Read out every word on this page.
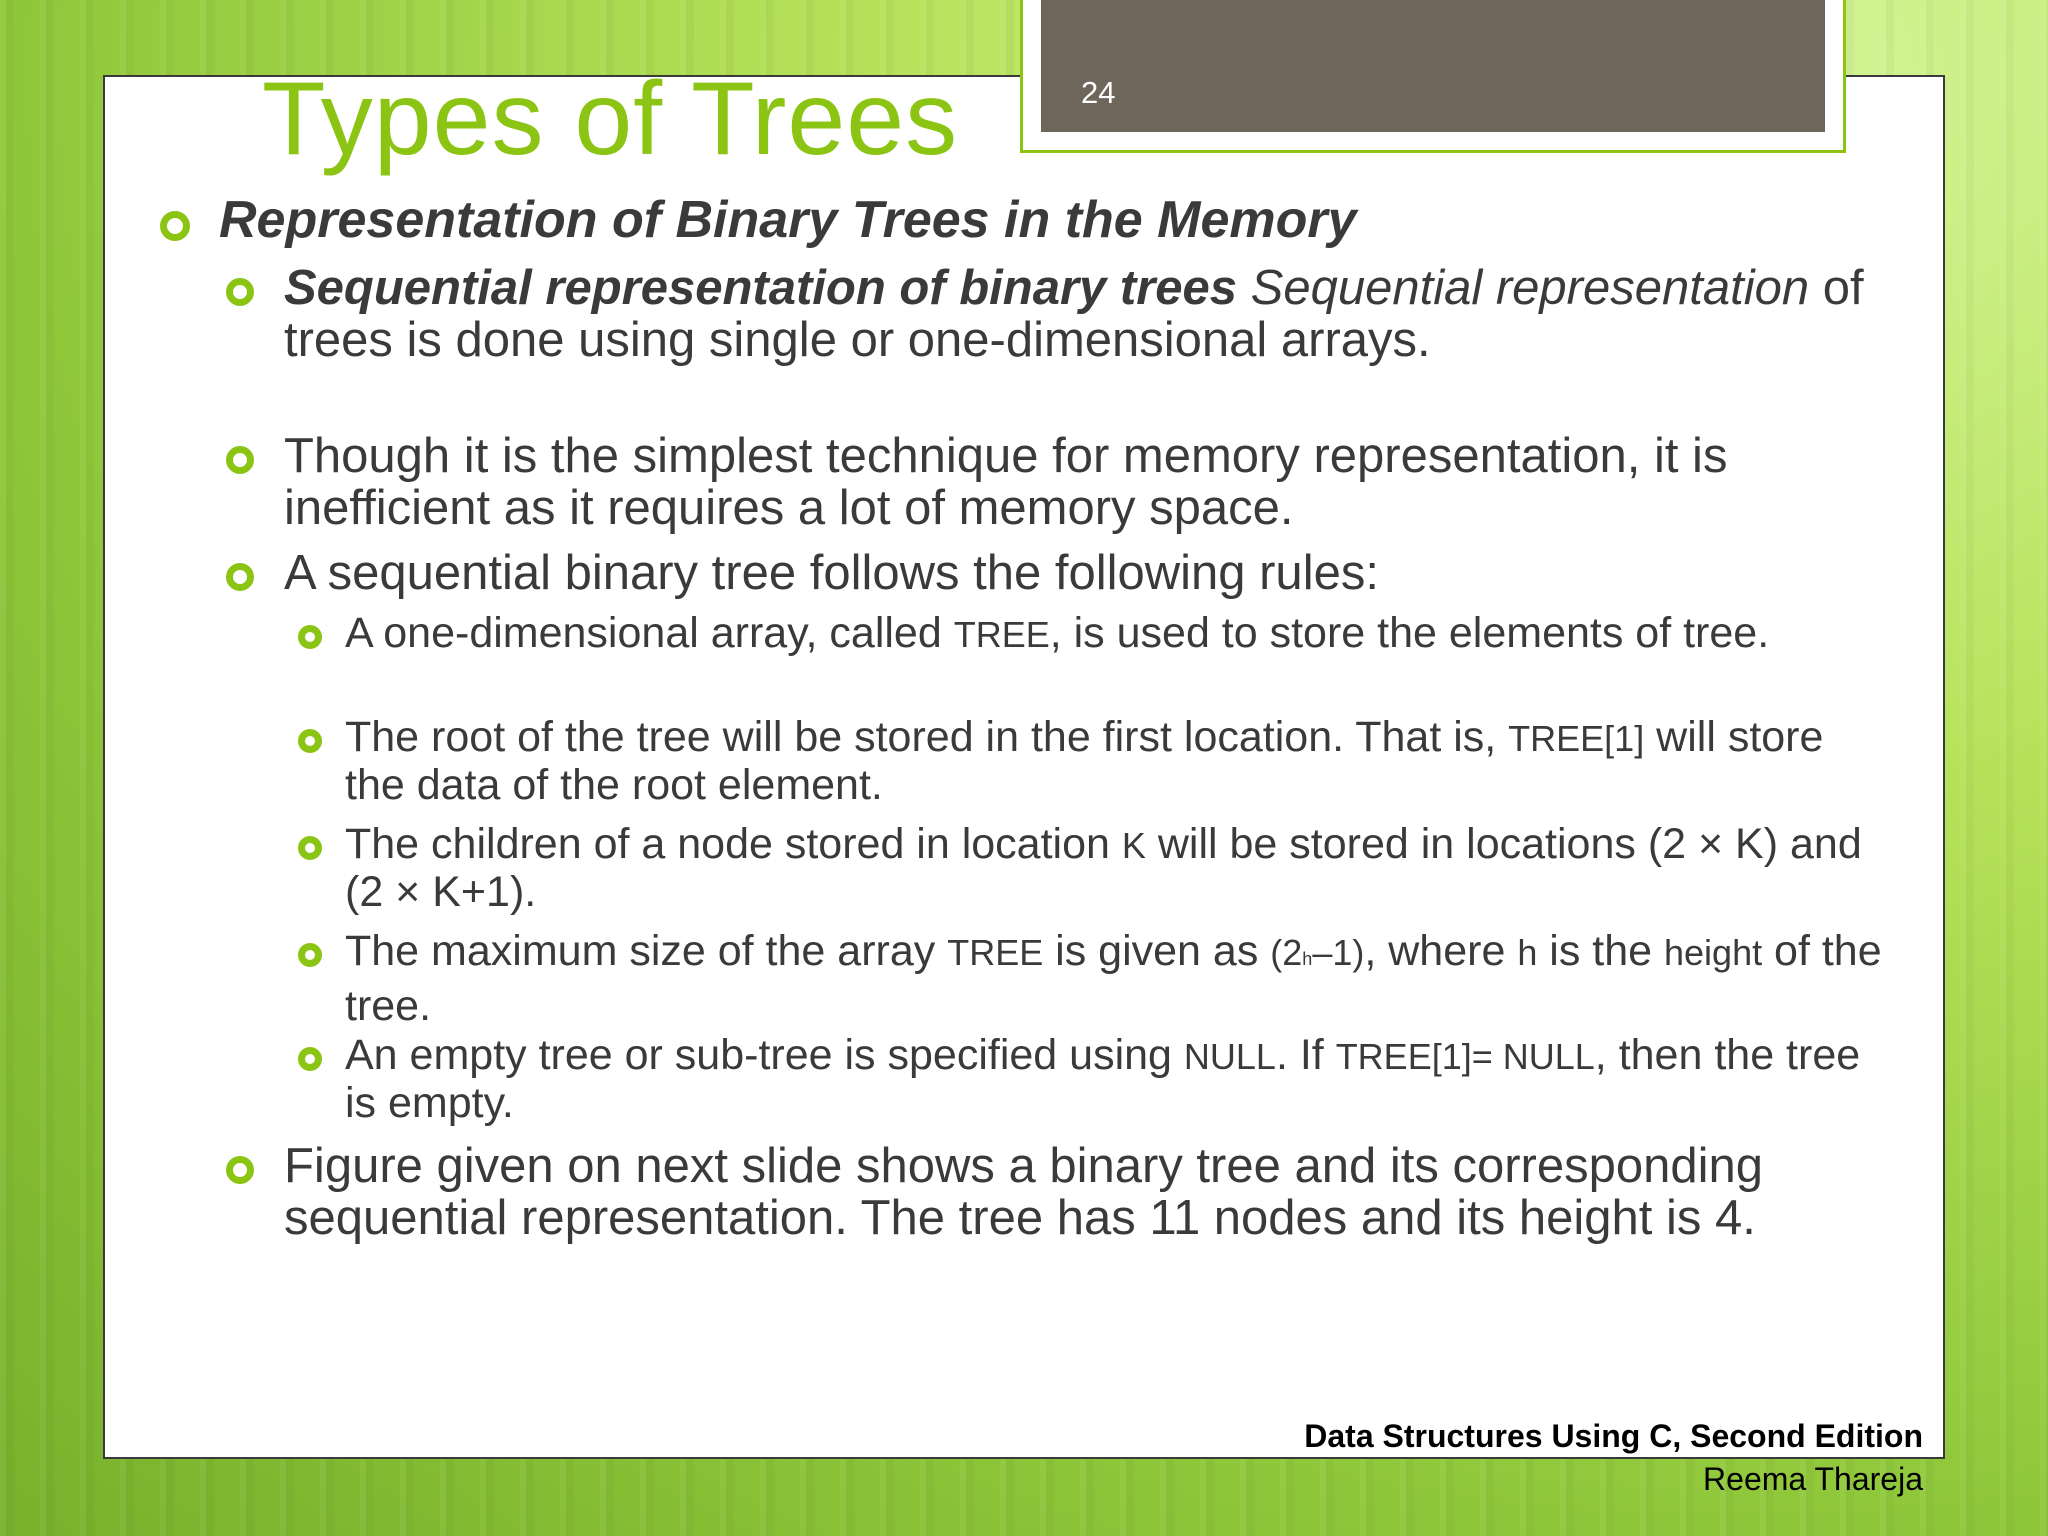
Types of Trees	24

Representation of Binary Trees in the Memory

Sequential representation of binary trees Sequential representation of trees is done using single or one-dimensional arrays.

Though it is the simplest technique for memory representation, it is inefficient as it requires a lot of memory space.

A sequential binary tree follows the following rules:

A one-dimensional array, called TREE, is used to store the elements of tree.

The root of the tree will be stored in the first location. That is, TREE[1] will store the data of the root element.

The children of a node stored in location K will be stored in locations (2 × K) and (2 × K+1).

The maximum size of the array TREE is given as (2h–1), where h is the height of the tree.

An empty tree or sub-tree is specified using NULL. If TREE[1]= NULL, then the tree is empty.

Figure given on next slide shows a binary tree and its corresponding sequential representation. The tree has 11 nodes and its height is 4.

Data Structures Using C, Second Edition
Reema Thareja
